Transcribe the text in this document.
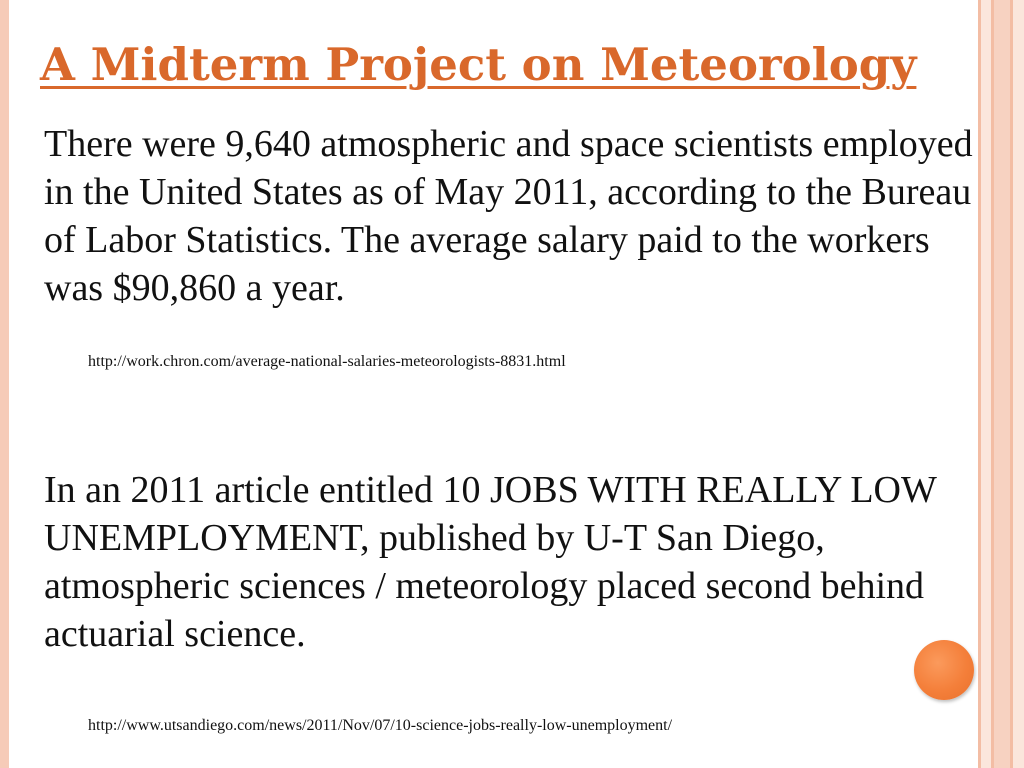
A Midterm Project on Meteorology

There were 9,640 atmospheric and space scientists employed in the United States as of May 2011, according to the Bureau of Labor Statistics. The average salary paid to the workers was $90,860 a year.

http://work.chron.com/average-national-salaries-meteorologists-8831.html

In an 2011 article entitled 10 JOBS WITH REALLY LOW UNEMPLOYMENT, published by U-T San Diego, atmospheric sciences / meteorology placed second behind actuarial science.

http://www.utsandiego.com/news/2011/Nov/07/10-science-jobs-really-low-unemployment/
